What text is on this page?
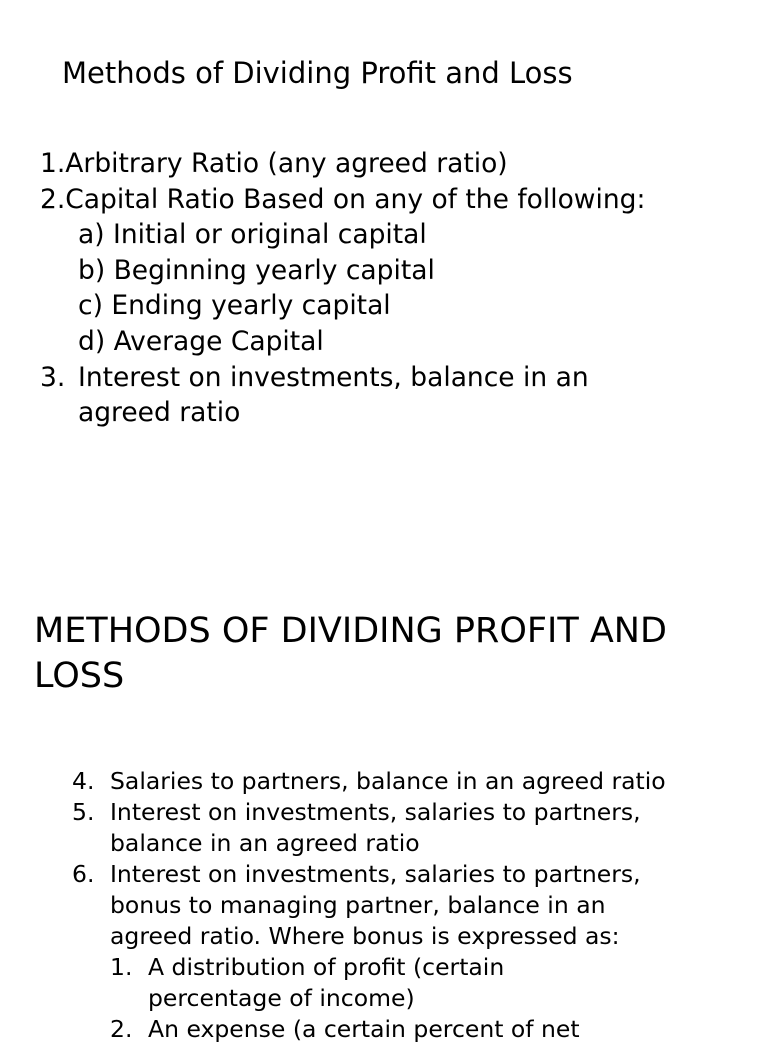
Methods of Dividing Profit and Loss
1.Arbitrary Ratio (any agreed ratio)
2.Capital Ratio Based on any of the following:
a) Initial or original capital
b) Beginning yearly capital
c) Ending yearly capital
d) Average Capital
3. Interest on investments, balance in an
agreed ratio
METHODS OF DIVIDING PROFIT AND
LOSS
4. Salaries to partners, balance in an agreed ratio
5. Interest on investments, salaries to partners, balance in an agreed ratio
6. Interest on investments, salaries to partners, bonus to managing partner, balance in an agreed ratio. Where bonus is expressed as:
1. A distribution of profit (certain percentage of income)
2. An expense (a certain percent of net
